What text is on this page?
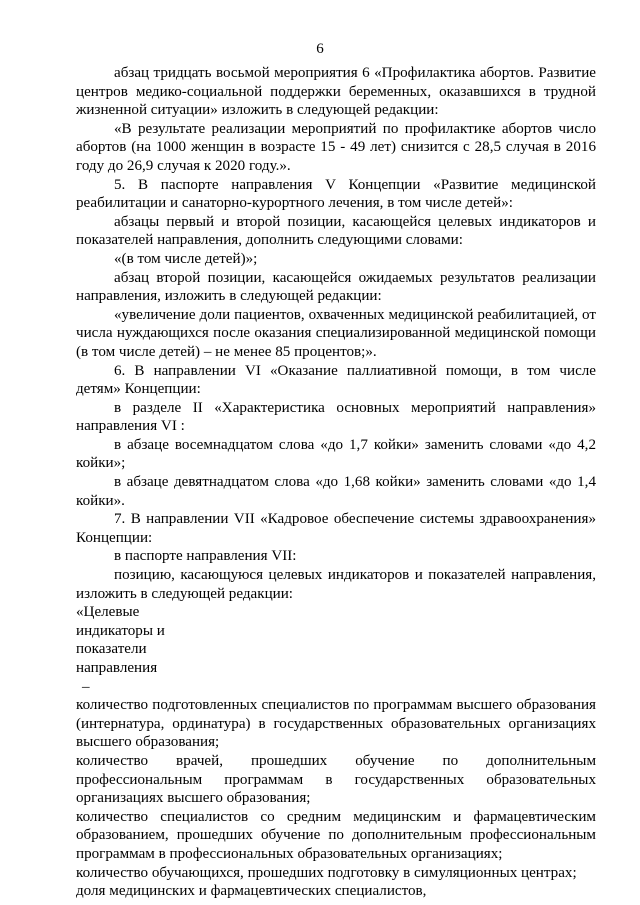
6

абзац тридцать восьмой мероприятия 6 «Профилактика абортов. Развитие центров медико-социальной поддержки беременных, оказавшихся в трудной жизненной ситуации» изложить в следующей редакции:

«В результате реализации мероприятий по профилактике абортов число абортов (на 1000 женщин в возрасте 15 - 49 лет) снизится с 28,5 случая в 2016 году до 26,9 случая к 2020 году.».

5. В паспорте направления V Концепции «Развитие медицинской реабилитации и санаторно-курортного лечения, в том числе детей»:

абзацы первый и второй позиции, касающейся целевых индикаторов и показателей направления, дополнить следующими словами:

«(в том числе детей)»;

абзац второй позиции, касающейся ожидаемых результатов реализации направления, изложить в следующей редакции:

«увеличение доли пациентов, охваченных медицинской реабилитацией, от числа нуждающихся после оказания специализированной медицинской помощи (в том числе детей) – не менее 85 процентов;».

6. В направлении VI «Оказание паллиативной помощи, в том числе детям» Концепции:

в разделе II «Характеристика основных мероприятий направления» направления VI :

в абзаце восемнадцатом слова «до 1,7 койки» заменить словами «до 4,2 койки»;

в абзаце девятнадцатом слова «до 1,68 койки» заменить словами «до 1,4 койки».

7. В направлении VII «Кадровое обеспечение системы здравоохранения» Концепции:

в паспорте направления VII:

позицию, касающуюся целевых индикаторов и показателей направления, изложить в следующей редакции:

«Целевые индикаторы и показатели направления
–

количество подготовленных специалистов по программам высшего образования (интернатура, ординатура) в государственных образовательных организациях высшего образования;

количество врачей, прошедших обучение по дополнительным профессиональным программам в государственных образовательных организациях высшего образования;

количество специалистов со средним медицинским и фармацевтическим образованием, прошедших обучение по дополнительным профессиональным программам в профессиональных образовательных организациях;

количество обучающихся, прошедших подготовку в симуляционных центрах;

доля медицинских и фармацевтических специалистов,
